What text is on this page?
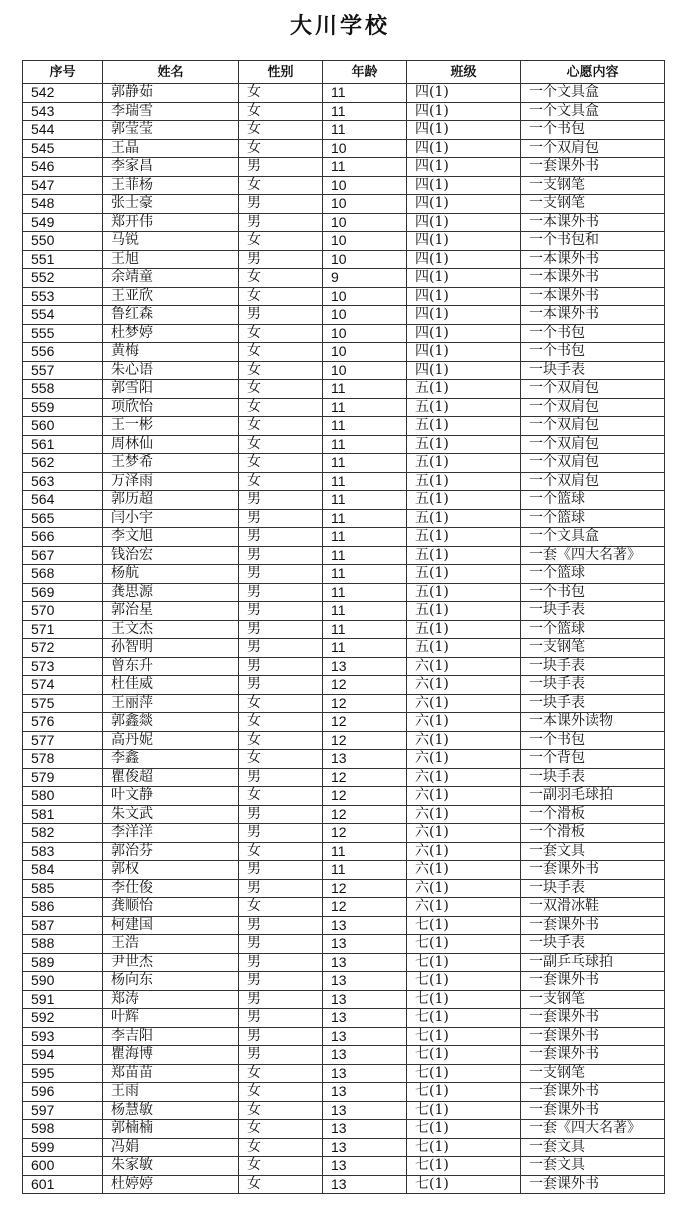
大川学校
序号	姓名	性别	年龄	班级	心愿内容
542	郭静茹	女	11	四(1)	一个文具盒
543	李瑞雪	女	11	四(1)	一个文具盒
544	郭莹莹	女	11	四(1)	一个书包
545	王晶	女	10	四(1)	一个双肩包
546	李家昌	男	11	四(1)	一套课外书
547	王菲杨	女	10	四(1)	一支钢笔
548	张士豪	男	10	四(1)	一支钢笔
549	郑开伟	男	10	四(1)	一本课外书
550	马锐	女	10	四(1)	一个书包和
551	王旭	男	10	四(1)	一本课外书
552	余靖童	女	9	四(1)	一本课外书
553	王亚欣	女	10	四(1)	一本课外书
554	鲁红森	男	10	四(1)	一本课外书
555	杜梦婷	女	10	四(1)	一个书包
556	黄梅	女	10	四(1)	一个书包
557	朱心语	女	10	四(1)	一块手表
558	郭雪阳	女	11	五(1)	一个双肩包
559	项欣怡	女	11	五(1)	一个双肩包
560	王一彬	女	11	五(1)	一个双肩包
561	周林仙	女	11	五(1)	一个双肩包
562	王梦希	女	11	五(1)	一个双肩包
563	万泽雨	女	11	五(1)	一个双肩包
564	郭历超	男	11	五(1)	一个篮球
565	闫小宇	男	11	五(1)	一个篮球
566	李文旭	男	11	五(1)	一个文具盒
567	钱治宏	男	11	五(1)	一套《四大名著》
568	杨航	男	11	五(1)	一个篮球
569	龚思源	男	11	五(1)	一个书包
570	郭治星	男	11	五(1)	一块手表
571	王文杰	男	11	五(1)	一个篮球
572	孙智明	男	11	五(1)	一支钢笔
573	曾东升	男	13	六(1)	一块手表
574	杜佳威	男	12	六(1)	一块手表
575	王丽萍	女	12	六(1)	一块手表
576	郭鑫燚	女	12	六(1)	一本课外读物
577	高丹妮	女	12	六(1)	一个书包
578	李鑫	女	13	六(1)	一个背包
579	瞿俊超	男	12	六(1)	一块手表
580	叶文静	女	12	六(1)	一副羽毛球拍
581	朱文武	男	12	六(1)	一个滑板
582	李洋洋	男	12	六(1)	一个滑板
583	郭治芬	女	11	六(1)	一套文具
584	郭权	男	11	六(1)	一套课外书
585	李仕俊	男	12	六(1)	一块手表
586	龚顺怡	女	12	六(1)	一双滑冰鞋
587	柯建国	男	13	七(1)	一套课外书
588	王浩	男	13	七(1)	一块手表
589	尹世杰	男	13	七(1)	一副乒乓球拍
590	杨向东	男	13	七(1)	一套课外书
591	郑涛	男	13	七(1)	一支钢笔
592	叶辉	男	13	七(1)	一套课外书
593	李吉阳	男	13	七(1)	一套课外书
594	瞿海博	男	13	七(1)	一套课外书
595	郑苗苗	女	13	七(1)	一支钢笔
596	王雨	女	13	七(1)	一套课外书
597	杨慧敏	女	13	七(1)	一套课外书
598	郭楠楠	女	13	七(1)	一套《四大名著》
599	冯娟	女	13	七(1)	一套文具
600	朱家敏	女	13	七(1)	一套文具
601	杜婷婷	女	13	七(1)	一套课外书
